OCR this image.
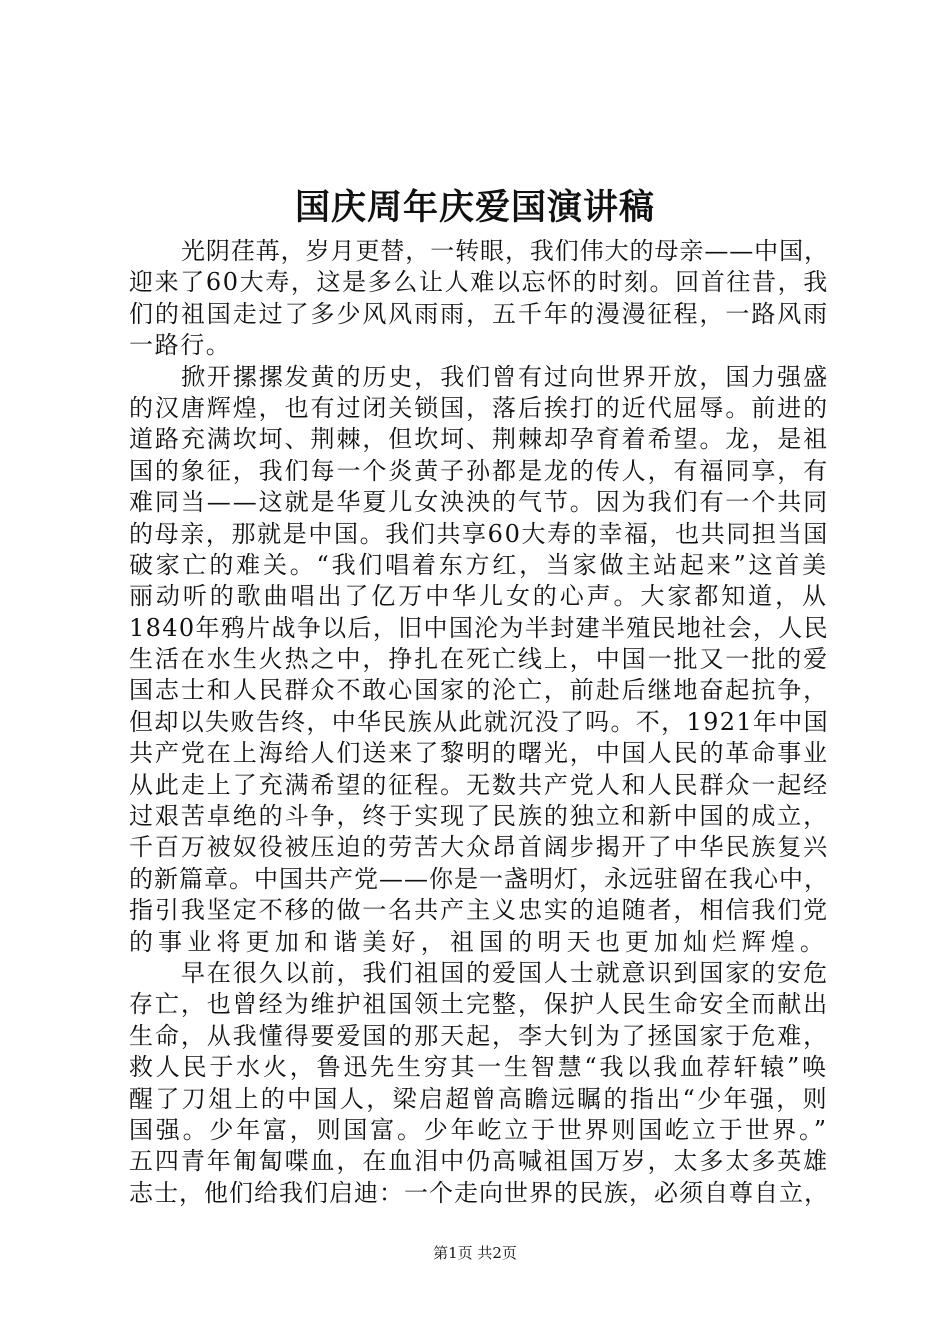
国庆周年庆爱国演讲稿
光阴荏苒，岁月更替，一转眼，我们伟大的母亲——中国，
迎来了60大寿，这是多么让人难以忘怀的时刻。回首往昔，我
们的祖国走过了多少风风雨雨，五千年的漫漫征程，一路风雨
一路行。
掀开摞摞发黄的历史，我们曾有过向世界开放，国力强盛
的汉唐辉煌，也有过闭关锁国，落后挨打的近代屈辱。前进的
道路充满坎坷、荆棘，但坎坷、荆棘却孕育着希望。龙，是祖
国的象征，我们每一个炎黄子孙都是龙的传人，有福同享，有
难同当——这就是华夏儿女泱泱的气节。因为我们有一个共同
的母亲，那就是中国。我们共享60大寿的幸福，也共同担当国
破家亡的难关。“我们唱着东方红，当家做主站起来”这首美
丽动听的歌曲唱出了亿万中华儿女的心声。大家都知道，从
1840年鸦片战争以后，旧中国沦为半封建半殖民地社会，人民
生活在水生火热之中，挣扎在死亡线上，中国一批又一批的爱
国志士和人民群众不敢心国家的沦亡，前赴后继地奋起抗争，
但却以失败告终，中华民族从此就沉没了吗。不，1921年中国
共产党在上海给人们送来了黎明的曙光，中国人民的革命事业
从此走上了充满希望的征程。无数共产党人和人民群众一起经
过艰苦卓绝的斗争，终于实现了民族的独立和新中国的成立，
千百万被奴役被压迫的劳苦大众昂首阔步揭开了中华民族复兴
的新篇章。中国共产党——你是一盏明灯，永远驻留在我心中，
指引我坚定不移的做一名共产主义忠实的追随者，相信我们党
的事业将更加和谐美好，祖国的明天也更加灿烂辉煌。
早在很久以前，我们祖国的爱国人士就意识到国家的安危
存亡，也曾经为维护祖国领土完整，保护人民生命安全而献出
生命，从我懂得要爱国的那天起，李大钊为了拯国家于危难，
救人民于水火，鲁迅先生穷其一生智慧“我以我血荐轩辕”唤
醒了刀俎上的中国人，梁启超曾高瞻远瞩的指出“少年强，则
国强。少年富，则国富。少年屹立于世界则国屹立于世界。”
五四青年匍匐喋血，在血泪中仍高喊祖国万岁，太多太多英雄
志士，他们给我们启迪：一个走向世界的民族，必须自尊自立，
第1页 共2页
